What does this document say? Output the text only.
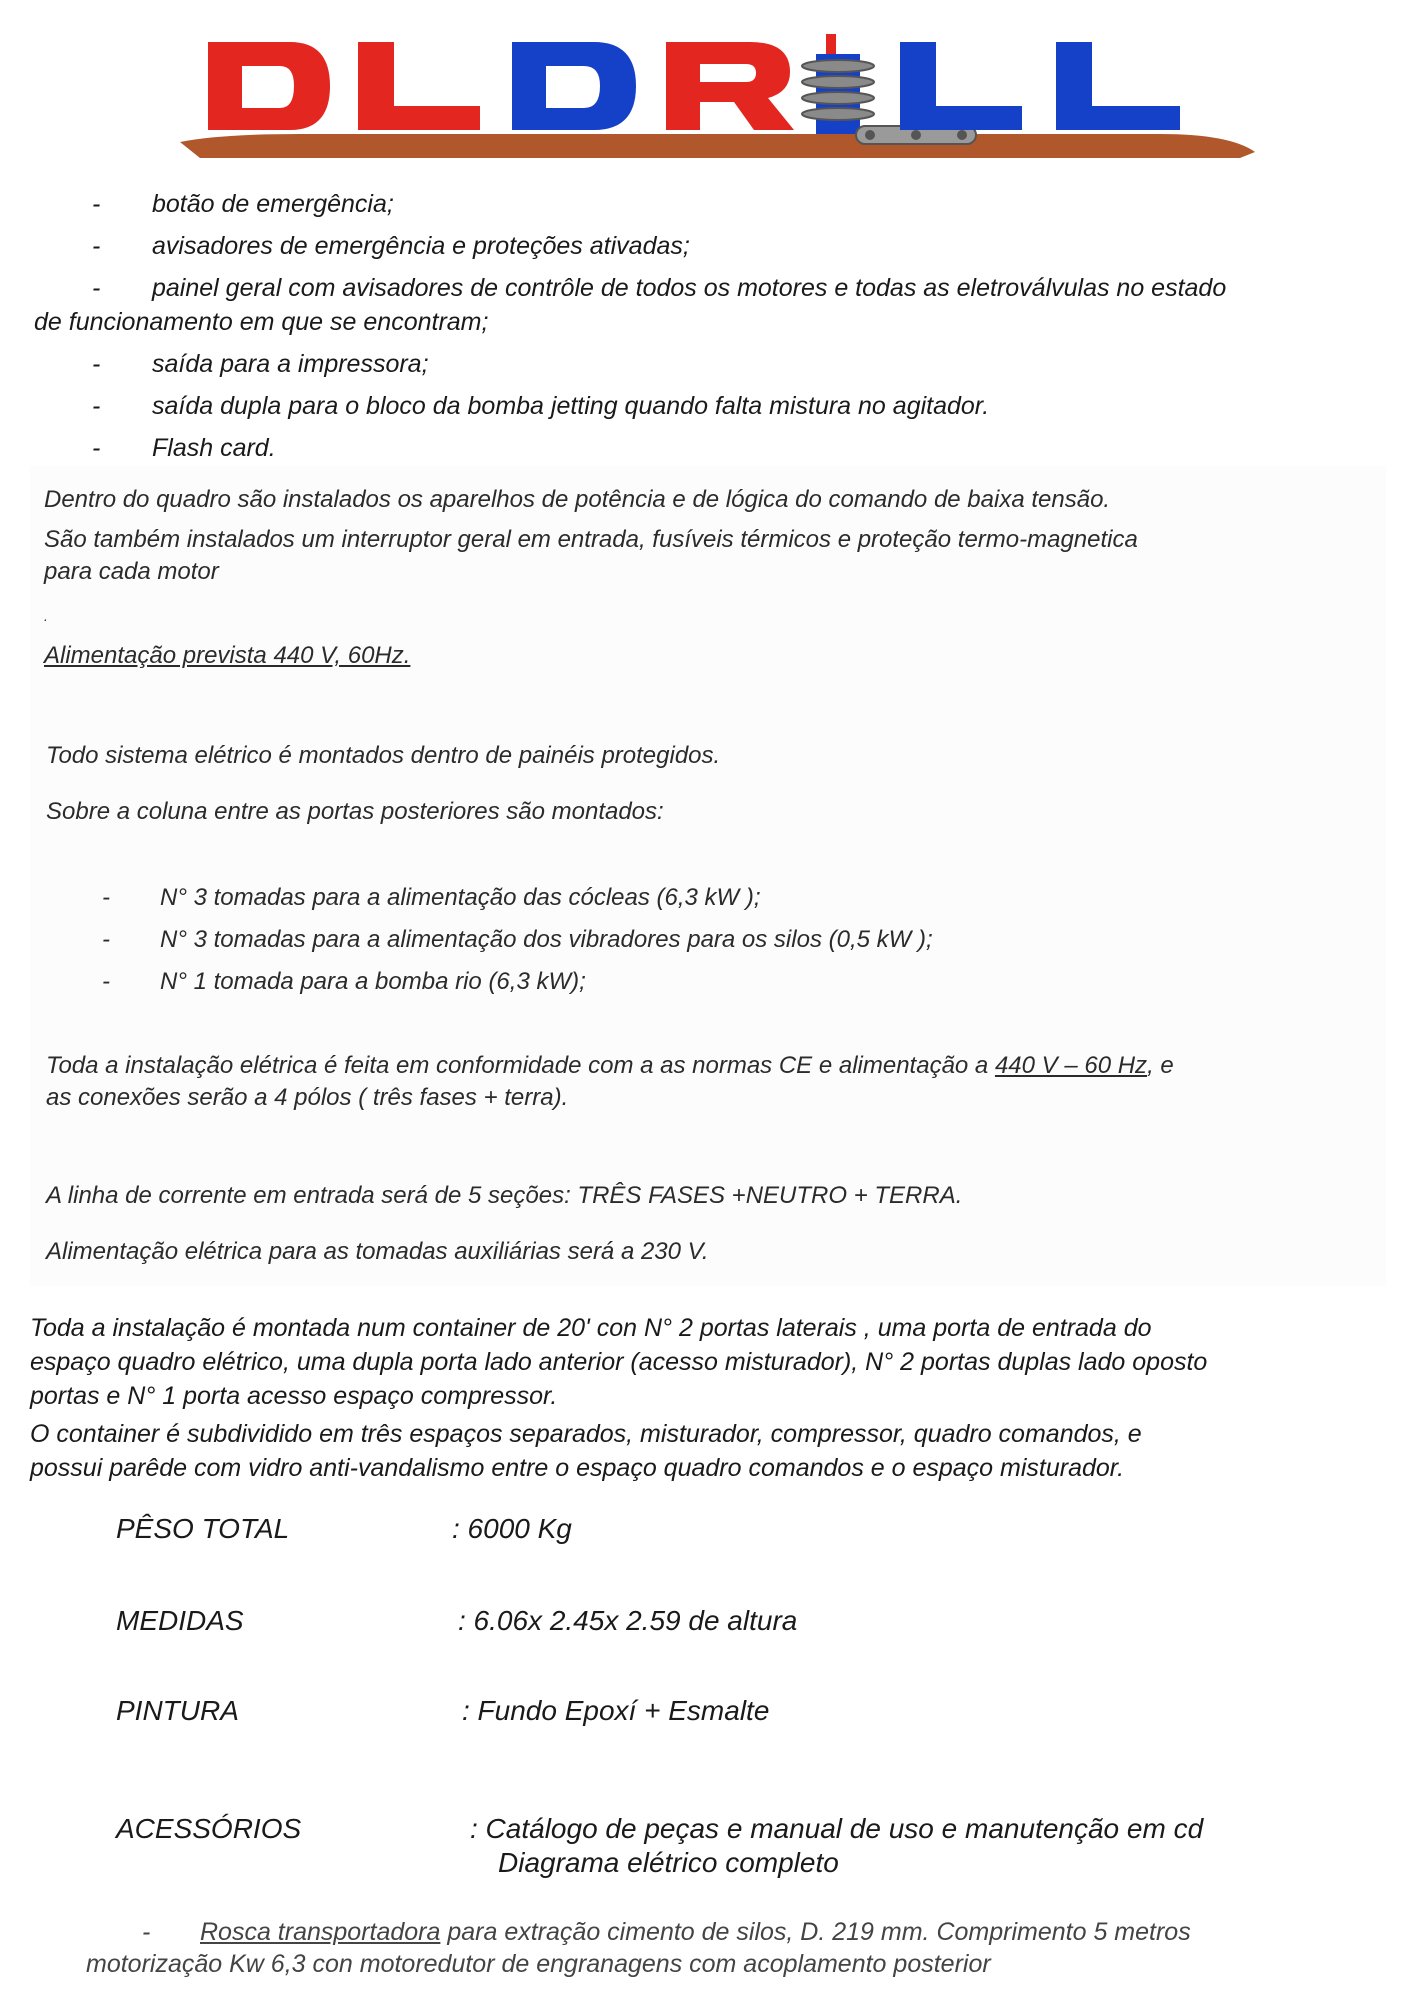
- botão de emergência;
- avisadores de emergência e proteções ativadas;
- painel geral com avisadores de contrôle de todos os motores e todas as eletroválvulas no estado
de funcionamento em que se encontram;
- saída para a impressora;
- saída dupla para o bloco da bomba jetting quando falta mistura no agitador.
- Flash card.
Dentro do quadro são instalados os aparelhos de potência e de lógica do comando de baixa tensão.
São também instalados um interruptor geral em entrada, fusíveis térmicos e proteção termo-magnetica
para cada motor
.
Alimentação prevista 440 V, 60Hz.
Todo sistema elétrico é montados dentro de painéis protegidos.
Sobre a coluna entre as portas posteriores são montados:
- N° 3 tomadas para a alimentação das cócleas (6,3 kW );
- N° 3 tomadas para a alimentação dos vibradores para os silos (0,5 kW );
- N° 1 tomada para a bomba rio (6,3 kW);
Toda a instalação elétrica é feita em conformidade com a as normas CE e alimentação a 440 V – 60 Hz, e
as conexões serão a 4 pólos ( três fases + terra).
A linha de corrente em entrada será de 5 seções: TRÊS FASES +NEUTRO + TERRA.
Alimentação elétrica para as tomadas auxiliárias será a 230 V.
Toda a instalação é montada num container de 20' con N° 2 portas laterais , uma porta de entrada do
espaço quadro elétrico, uma dupla porta lado anterior (acesso misturador), N° 2 portas duplas lado oposto
portas e N° 1 porta acesso espaço compressor.
O container é subdividido em três espaços separados, misturador, compressor, quadro comandos, e
possui parêde com vidro anti-vandalismo entre o espaço quadro comandos e o espaço misturador.
PÊSO TOTAL	: 6000 Kg
MEDIDAS	: 6.06x 2.45x 2.59 de altura
PINTURA	: Fundo Epoxí + Esmalte
ACESSÓRIOS	: Catálogo de peças e manual de uso e manutenção em cd
Diagrama elétrico completo
- Rosca transportadora para extração cimento de silos, D. 219 mm. Comprimento 5 metros
motorização Kw 6,3 con motoredutor de engranagens com acoplamento posterior
